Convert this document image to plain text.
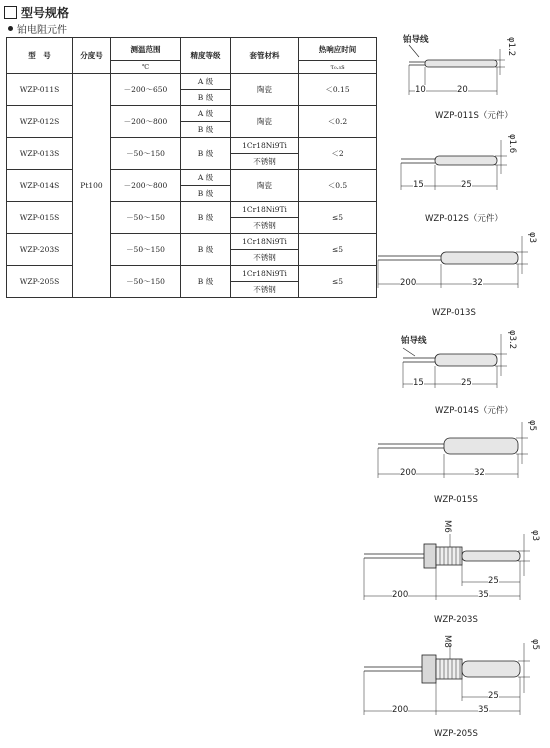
型号规格
铂电阻元件
型　号	分度号	测温范围	精度等级	套管材料	热响应时间
		℃			τ₀.₅s
WZP-011S	Pt100	－200～650	A 级	陶瓷	＜0.15
			B 级		
WZP-012S		－200～800	A 级	陶瓷	＜0.2
			B 级		
WZP-013S		－50～150	B 级	1Cr18Ni9Ti	＜2
				不锈钢	
WZP-014S		－200～800	A 级	陶瓷	＜0.5
			B 级		
WZP-015S		－50～150	B 级	1Cr18Ni9Ti	≤5
				不锈钢	
WZP-203S		－50～150	B 级	1Cr18Ni9Ti	≤5
				不锈钢	
WZP-205S		－50～150	B 级	1Cr18Ni9Ti	≤5
				不锈钢	
铂导线	φ1.2
10	20
WZP-011S（元件）
φ1.6
15	25
WZP-012S（元件）
φ3
200	32
WZP-013S
铂导线	φ3.2
15	25
WZP-014S（元件）
φ5
200	32
WZP-015S
M6
φ3
25
200	35
WZP-203S
M8	φ5
25
200	35
WZP-205S
